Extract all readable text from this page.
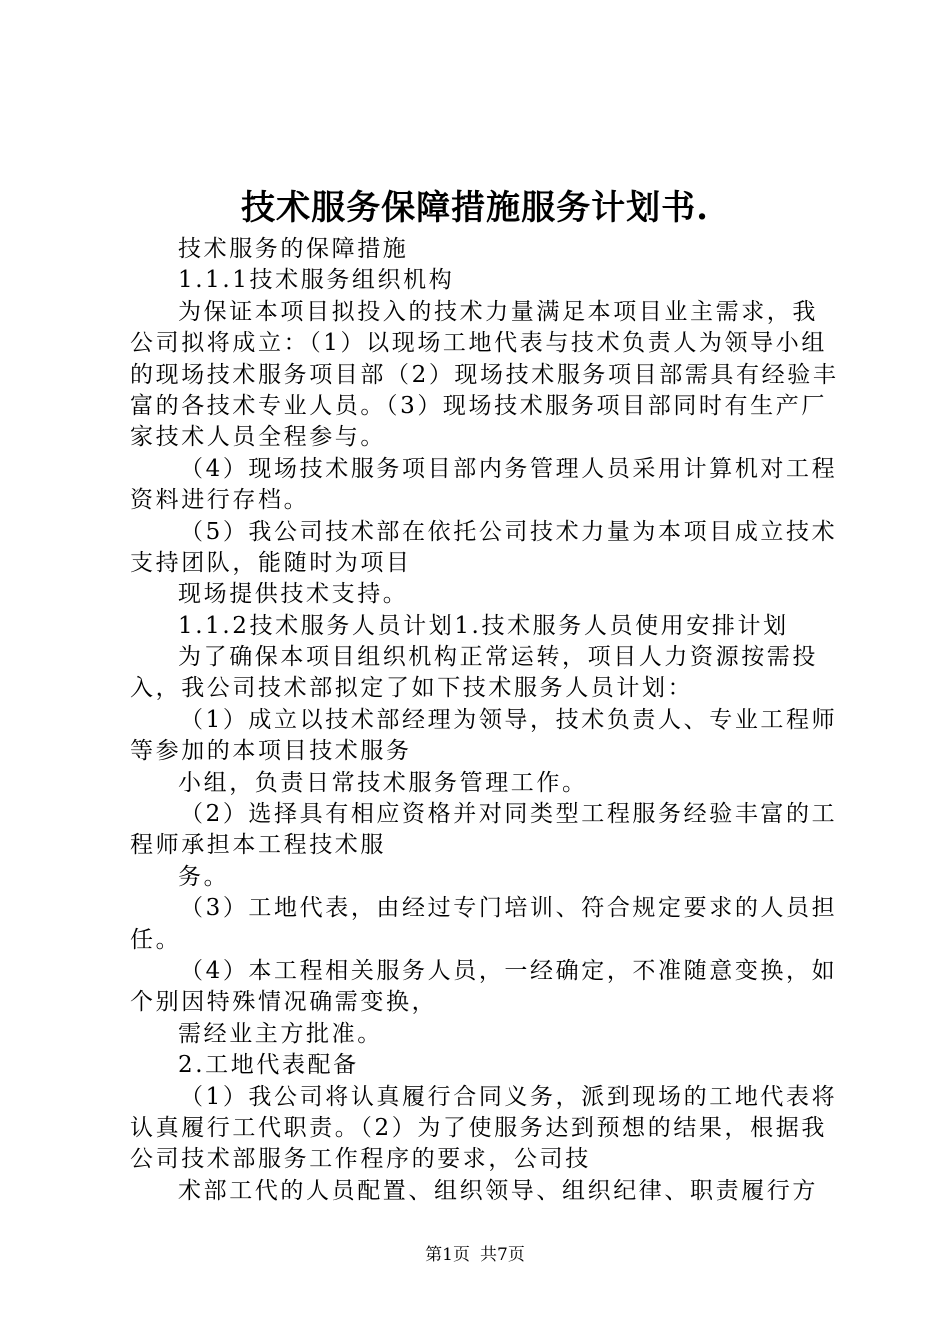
技术服务保障措施服务计划书.

技术服务的保障措施

1.1.1技术服务组织机构

为保证本项目拟投入的技术力量满足本项目业主需求，我

公司拟将成立：（1）以现场工地代表与技术负责人为领导小组

的现场技术服务项目部（2）现场技术服务项目部需具有经验丰

富的各技术专业人员。（3）现场技术服务项目部同时有生产厂

家技术人员全程参与。

（4）现场技术服务项目部内务管理人员采用计算机对工程

资料进行存档。

（5）我公司技术部在依托公司技术力量为本项目成立技术

支持团队，能随时为项目

现场提供技术支持。

1.1.2技术服务人员计划1.技术服务人员使用安排计划

为了确保本项目组织机构正常运转，项目人力资源按需投

入，我公司技术部拟定了如下技术服务人员计划：

（1）成立以技术部经理为领导，技术负责人、专业工程师

等参加的本项目技术服务

小组，负责日常技术服务管理工作。

（2）选择具有相应资格并对同类型工程服务经验丰富的工

程师承担本工程技术服

务。

（3）工地代表，由经过专门培训、符合规定要求的人员担

任。

（4）本工程相关服务人员，一经确定，不准随意变换，如

个别因特殊情况确需变换，

需经业主方批准。

2.工地代表配备

（1）我公司将认真履行合同义务，派到现场的工地代表将

认真履行工代职责。（2）为了使服务达到预想的结果，根据我

公司技术部服务工作程序的要求，公司技

术部工代的人员配置、组织领导、组织纪律、职责履行方

第1页 共7页
